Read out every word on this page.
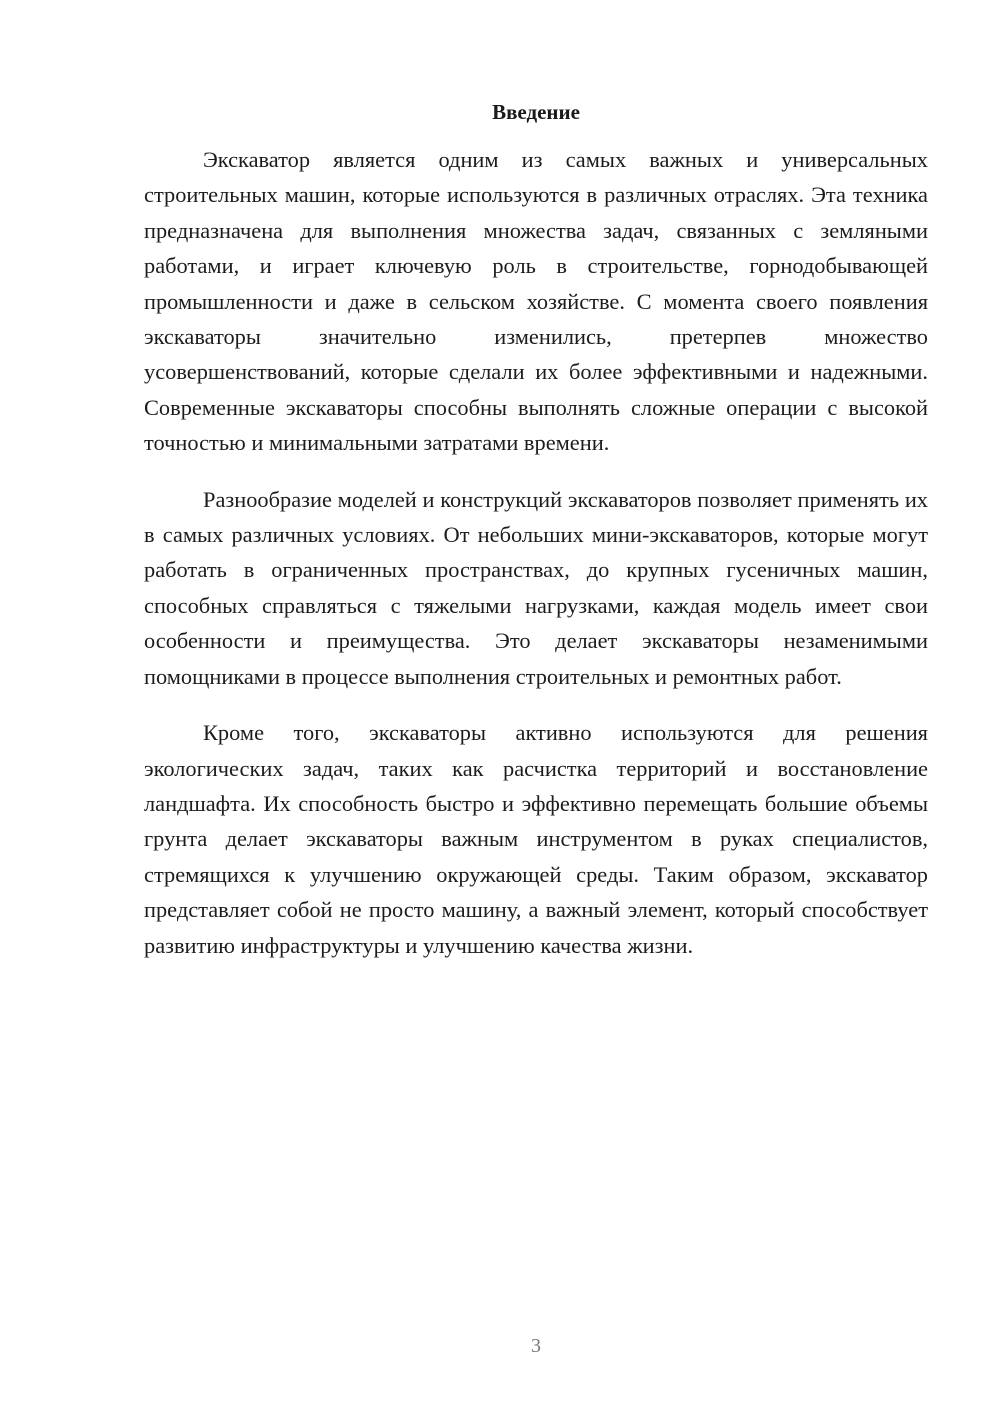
Введение

Экскаватор является одним из самых важных и универсальных строительных машин, которые используются в различных отраслях. Эта техника предназначена для выполнения множества задач, связанных с земляными работами, и играет ключевую роль в строительстве, горнодобывающей промышленности и даже в сельском хозяйстве. С момента своего появления экскаваторы значительно изменились, претерпев множество усовершенствований, которые сделали их более эффективными и надежными. Современные экскаваторы способны выполнять сложные операции с высокой точностью и минимальными затратами времени.

Разнообразие моделей и конструкций экскаваторов позволяет применять их в самых различных условиях. От небольших мини-экскаваторов, которые могут работать в ограниченных пространствах, до крупных гусеничных машин, способных справляться с тяжелыми нагрузками, каждая модель имеет свои особенности и преимущества. Это делает экскаваторы незаменимыми помощниками в процессе выполнения строительных и ремонтных работ.

Кроме того, экскаваторы активно используются для решения экологических задач, таких как расчистка территорий и восстановление ландшафта. Их способность быстро и эффективно перемещать большие объемы грунта делает экскаваторы важным инструментом в руках специалистов, стремящихся к улучшению окружающей среды. Таким образом, экскаватор представляет собой не просто машину, а важный элемент, который способствует развитию инфраструктуры и улучшению качества жизни.

3
